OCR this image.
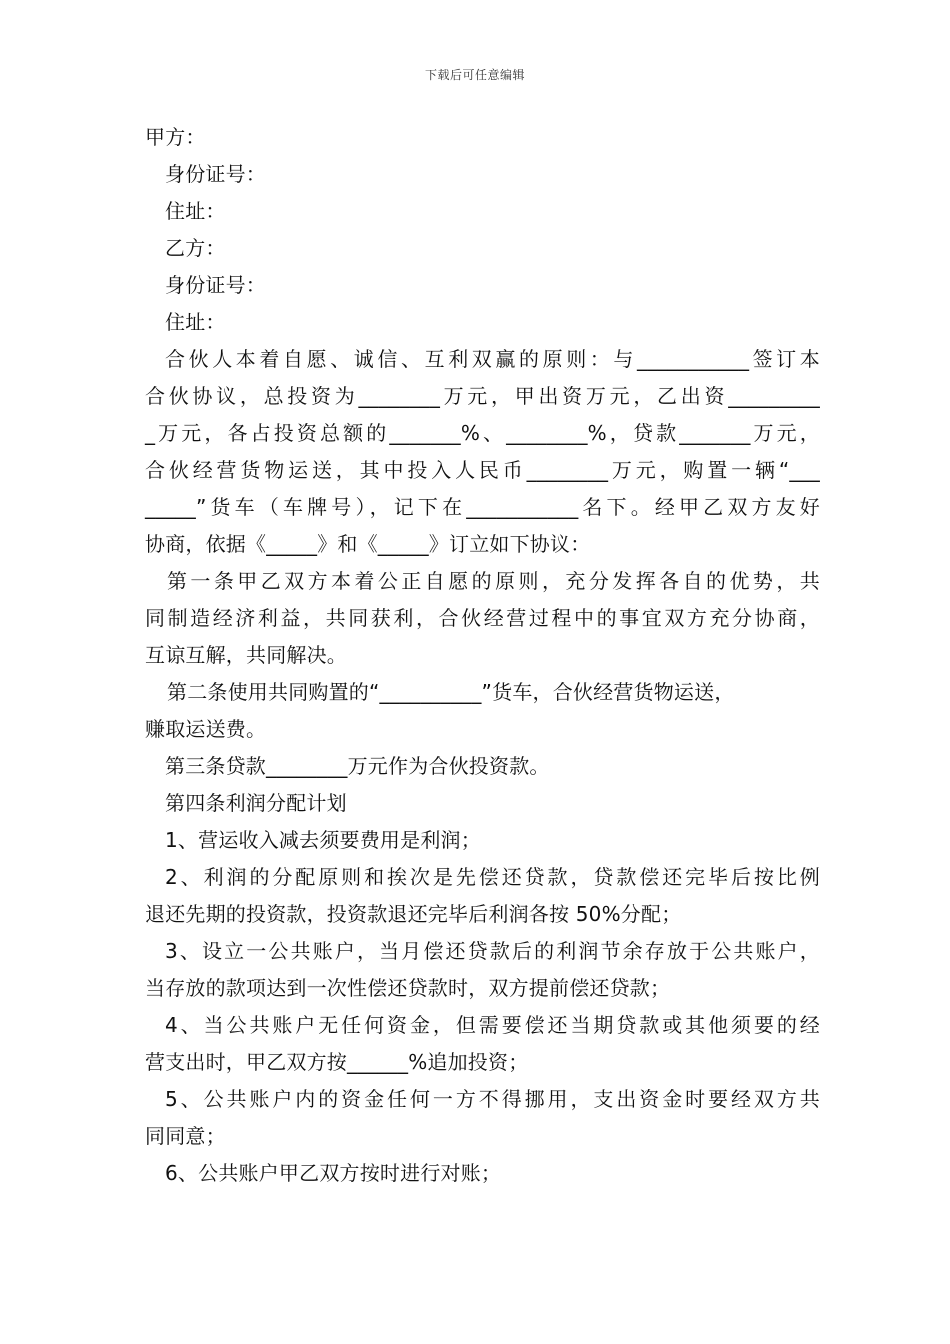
下载后可任意编辑
甲方：
身份证号：
住址：
乙方：
身份证号：
住址：
合伙人本着自愿、诚信、互利双赢的原则：与___________签订本
合伙协议，总投资为________万元，甲出资万元，乙出资_________
_万元，各占投资总额的_______%、________%，贷款_______万元，
合伙经营货物运送，其中投入人民币________万元，购置一辆“___
_____”货车（车牌号），记下在___________名下。经甲乙双方友好
协商，依据《_____》和《_____》订立如下协议：
第一条甲乙双方本着公正自愿的原则，充分发挥各自的优势，共
同制造经济利益，共同获利，合伙经营过程中的事宜双方充分协商，
互谅互解，共同解决。
第二条使用共同购置的“__________”货车，合伙经营货物运送，
赚取运送费。
第三条贷款________万元作为合伙投资款。
第四条利润分配计划
1、营运收入减去须要费用是利润；
2、利润的分配原则和挨次是先偿还贷款，贷款偿还完毕后按比例
退还先期的投资款，投资款退还完毕后利润各按 50%分配；
3、设立一公共账户，当月偿还贷款后的利润节余存放于公共账户，
当存放的款项达到一次性偿还贷款时，双方提前偿还贷款；
4、当公共账户无任何资金，但需要偿还当期贷款或其他须要的经
营支出时，甲乙双方按______%追加投资；
5、公共账户内的资金任何一方不得挪用，支出资金时要经双方共
同同意；
6、公共账户甲乙双方按时进行对账；
